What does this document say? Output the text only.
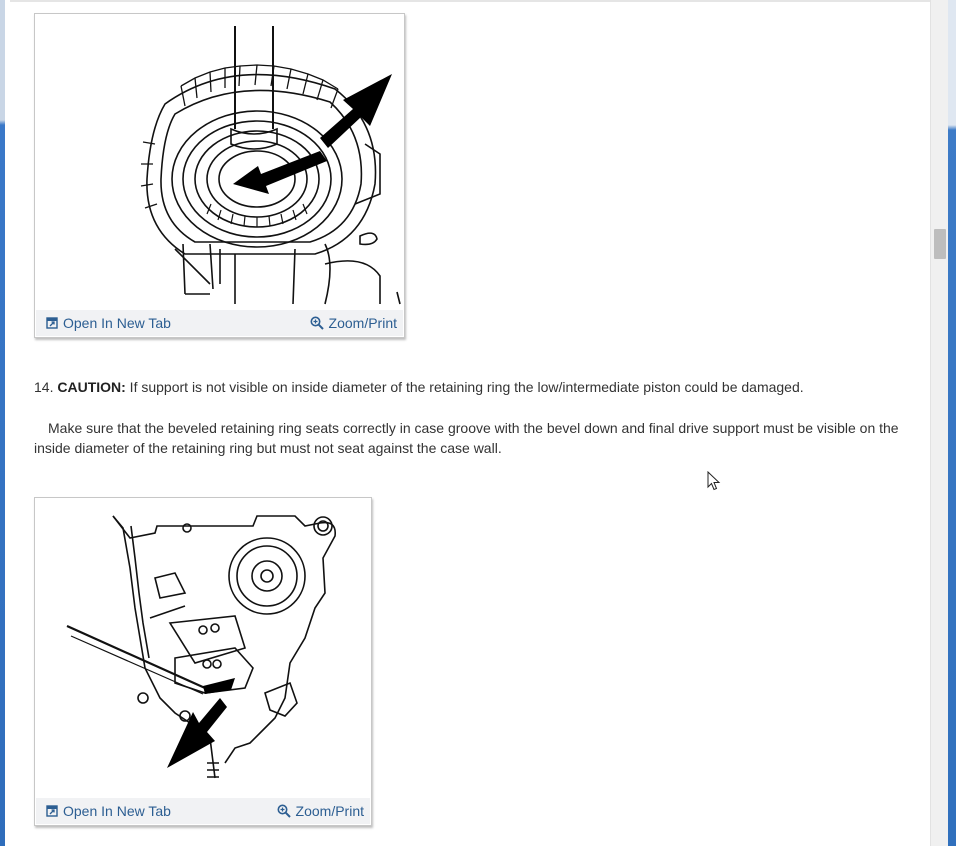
Open In New Tab	Zoom/Print
14. CAUTION: If support is not visible on inside diameter of the retaining ring the low/intermediate piston could be damaged.
Make sure that the beveled retaining ring seats correctly in case groove with the bevel down and final drive support must be visible on the inside diameter of the retaining ring but must not seat against the case wall.
Open In New Tab	Zoom/Print
